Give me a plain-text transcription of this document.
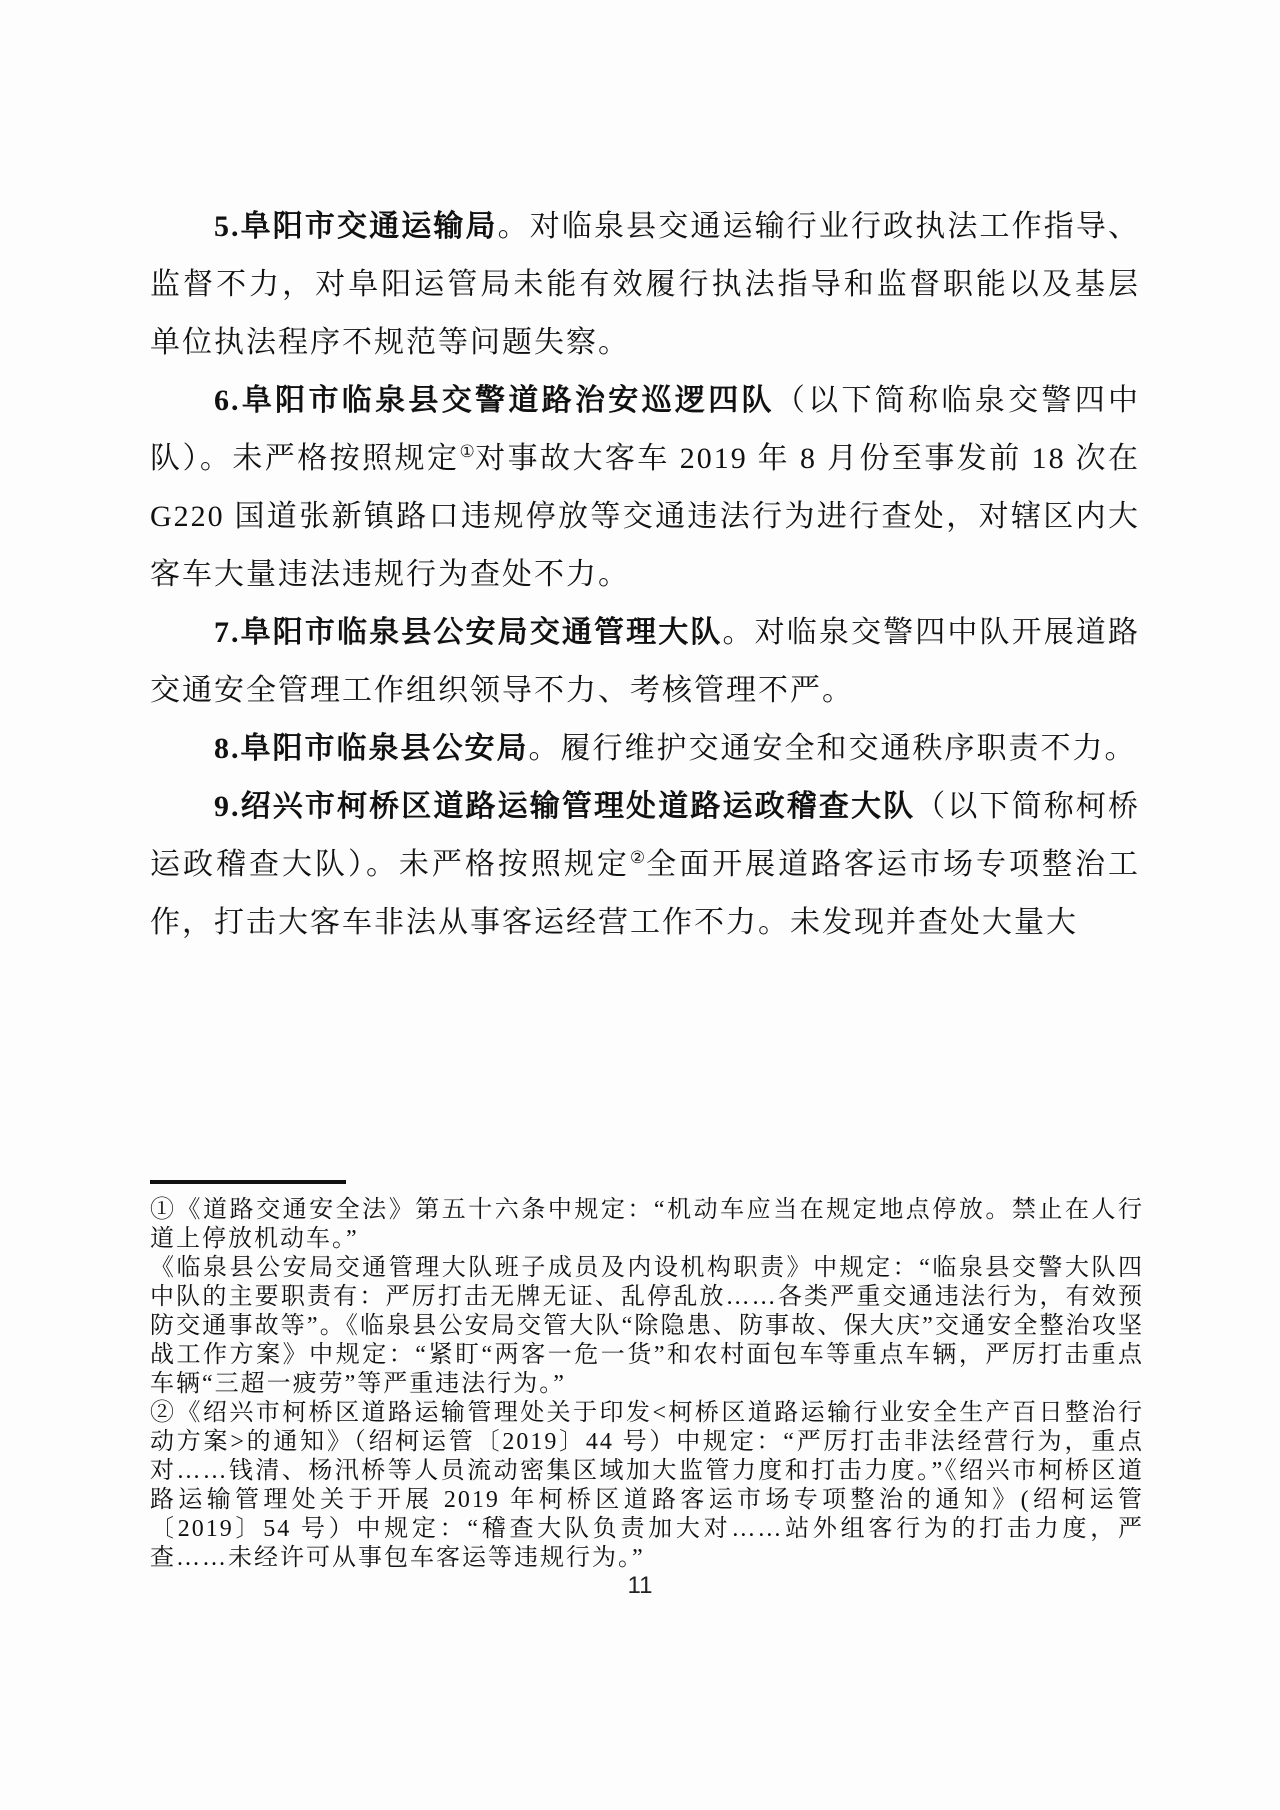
5.阜阳市交通运输局。对临泉县交通运输行业行政执法工作指导、监督不力，对阜阳运管局未能有效履行执法指导和监督职能以及基层单位执法程序不规范等问题失察。

6.阜阳市临泉县交警道路治安巡逻四队（以下简称临泉交警四中队）。未严格按照规定①对事故大客车 2019 年 8 月份至事发前 18 次在 G220 国道张新镇路口违规停放等交通违法行为进行查处，对辖区内大客车大量违法违规行为查处不力。

7.阜阳市临泉县公安局交通管理大队。对临泉交警四中队开展道路交通安全管理工作组织领导不力、考核管理不严。

8.阜阳市临泉县公安局。履行维护交通安全和交通秩序职责不力。

9.绍兴市柯桥区道路运输管理处道路运政稽查大队（以下简称柯桥运政稽查大队）。未严格按照规定②全面开展道路客运市场专项整治工作，打击大客车非法从事客运经营工作不力。未发现并查处大量大

①《道路交通安全法》第五十六条中规定：“机动车应当在规定地点停放。禁止在人行道上停放机动车。”

《临泉县公安局交通管理大队班子成员及内设机构职责》中规定：“临泉县交警大队四中队的主要职责有：严厉打击无牌无证、乱停乱放……各类严重交通违法行为，有效预防交通事故等”。《临泉县公安局交管大队“除隐患、防事故、保大庆”交通安全整治攻坚战工作方案》中规定：“紧盯“两客一危一货”和农村面包车等重点车辆，严厉打击重点车辆“三超一疲劳”等严重违法行为。”

②《绍兴市柯桥区道路运输管理处关于印发<柯桥区道路运输行业安全生产百日整治行动方案>的通知》（绍柯运管〔2019〕44 号）中规定：“严厉打击非法经营行为，重点对……钱清、杨汛桥等人员流动密集区域加大监管力度和打击力度。”《绍兴市柯桥区道路运输管理处关于开展 2019 年柯桥区道路客运市场专项整治的通知》(绍柯运管〔2019〕54 号）中规定：“稽查大队负责加大对……站外组客行为的打击力度，严查……未经许可从事包车客运等违规行为。”

11
